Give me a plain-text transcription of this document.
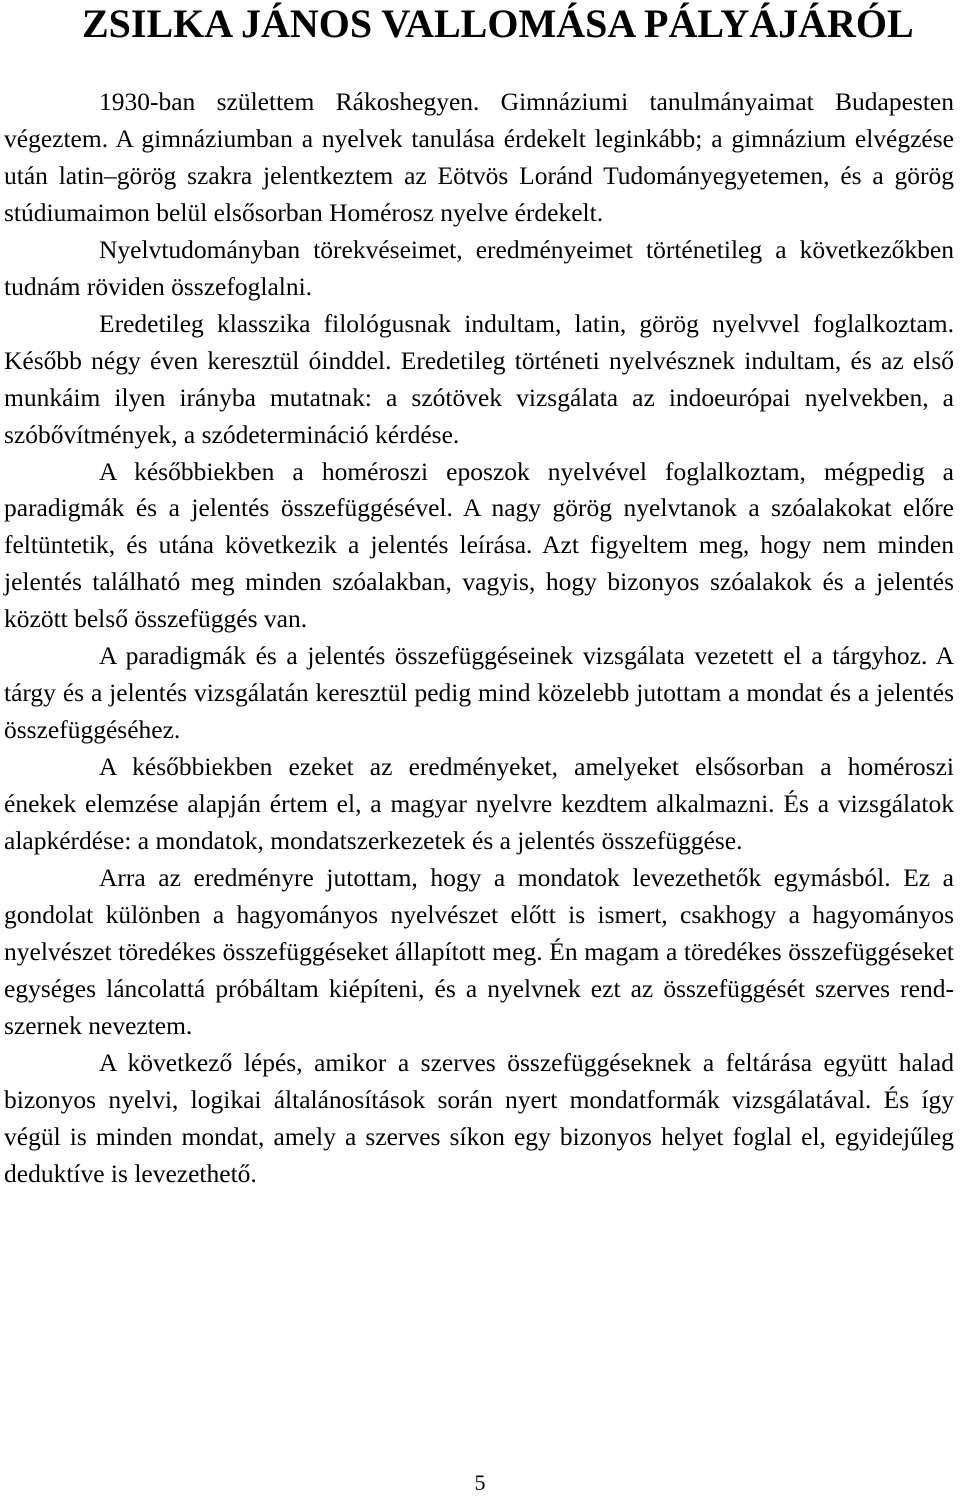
ZSILKA JÁNOS VALLOMÁSA PÁLYÁJÁRÓL

1930-ban születtem Rákoshegyen. Gimnáziumi tanulmányaimat Budapesten végeztem. A gimnáziumban a nyelvek tanulása érdekelt leginkább; a gimnázium elvégzése után latin–görög szakra jelentkeztem az Eötvös Loránd Tudományegyetemen, és a görög stúdiumaimon belül elsősorban Homérosz nyelve érdekelt.

Nyelvtudományban törekvéseimet, eredményeimet történetileg a következőkben tudnám röviden összefoglalni.

Eredetileg klasszika filológusnak indultam, latin, görög nyelvvel foglalkoztam. Később négy éven keresztül óinddel. Eredetileg történeti nyelvésznek indultam, és az első munkáim ilyen irányba mutatnak: a szótövek vizsgálata az indoeurópai nyelvekben, a szóbővítmények, a szódetermináció kérdése.

A későbbiekben a homéroszi eposzok nyelvével foglalkoztam, mégpedig a paradigmák és a jelentés összefüggésével. A nagy görög nyelvtanok a szóalakokat előre feltüntetik, és utána következik a jelentés leírása. Azt figyeltem meg, hogy nem minden jelentés található meg minden szóalakban, vagyis, hogy bizonyos szóalakok és a jelentés között belső összefüggés van.

A paradigmák és a jelentés összefüggéseinek vizsgálata vezetett el a tárgyhoz. A tárgy és a jelentés vizsgálatán keresztül pedig mind közelebb jutottam a mondat és a jelentés összefüggéséhez.

A későbbiekben ezeket az eredményeket, amelyeket elsősorban a homéroszi énekek elemzése alapján értem el, a magyar nyelvre kezdtem alkalmazni. És a vizsgálatok alapkérdése: a mondatok, mondatszerkezetek és a jelentés összefüggése.

Arra az eredményre jutottam, hogy a mondatok levezethetők egymásból. Ez a gondolat különben a hagyományos nyelvészet előtt is ismert, csakhogy a hagyományos nyelvészet töredékes összefüggéseket állapított meg. Én magam a töredékes összefüggéseket egységes láncolattá próbáltam kiépíteni, és a nyelvnek ezt az összefüggését szerves rendszernek neveztem.

A következő lépés, amikor a szerves összefüggéseknek a feltárása együtt halad bizonyos nyelvi, logikai általánosítások során nyert mondatformák vizsgálatával. És így végül is minden mondat, amely a szerves síkon egy bizonyos helyet foglal el, egyidejűleg deduktíve is levezethető.

5
